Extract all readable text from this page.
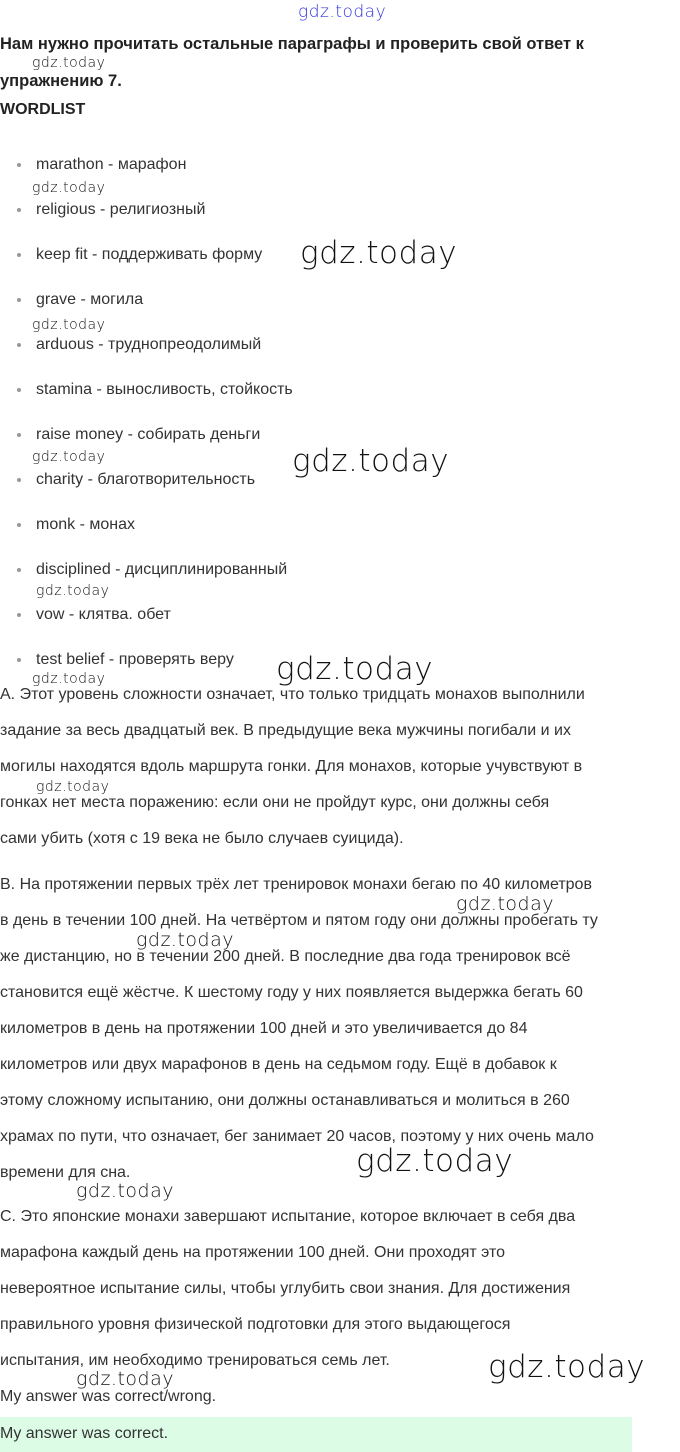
gdz.today
Нам нужно прочитать остальные параграфы и проверить свой ответ к
упражнению 7.
WORDLIST
marathon - марафон
religious - религиозный
keep fit - поддерживать форму
grave - могила
arduous - труднопреодолимый
stamina - выносливость, стойкость
raise money - собирать деньги
charity - благотворительность
monk - монах
disciplined - дисциплинированный
vow - клятва. обет
test belief - проверять веру
A. Этот уровень сложности означает, что только тридцать монахов выполнили
задание за весь двадцатый век. В предыдущие века мужчины погибали и их
могилы находятся вдоль маршрута гонки. Для монахов, которые учувствуют в
гонках нет места поражению: если они не пройдут курс, они должны себя
сами убить (хотя с 19 века не было случаев суицида).
B. На протяжении первых трёх лет тренировок монахи бегаю по 40 километров
в день в течении 100 дней. На четвёртом и пятом году они должны пробегать ту
же дистанцию, но в течении 200 дней. В последние два года тренировок всё
становится ещё жёстче. К шестому году у них появляется выдержка бегать 60
километров в день на протяжении 100 дней и это увеличивается до 84
километров или двух марафонов в день на седьмом году. Ещё в добавок к
этому сложному испытанию, они должны останавливаться и молиться в 260
храмах по пути, что означает, бег занимает 20 часов, поэтому у них очень мало
времени для сна.
C. Это японские монахи завершают испытание, которое включает в себя два
марафона каждый день на протяжении 100 дней. Они проходят это
невероятное испытание силы, чтобы углубить свои знания. Для достижения
правильного уровня физической подготовки для этого выдающегося
испытания, им необходимо тренироваться семь лет.
My answer was correct/wrong.
My answer was correct.
gdz.today
gdz.today
gdz.today
gdz.today
gdz.today	gdz.today
gdz.today
gdz.today	gdz.today
gdz.today
gdz.today
gdz.today
gdz.today
gdz.today
gdz.today
gdz.today
